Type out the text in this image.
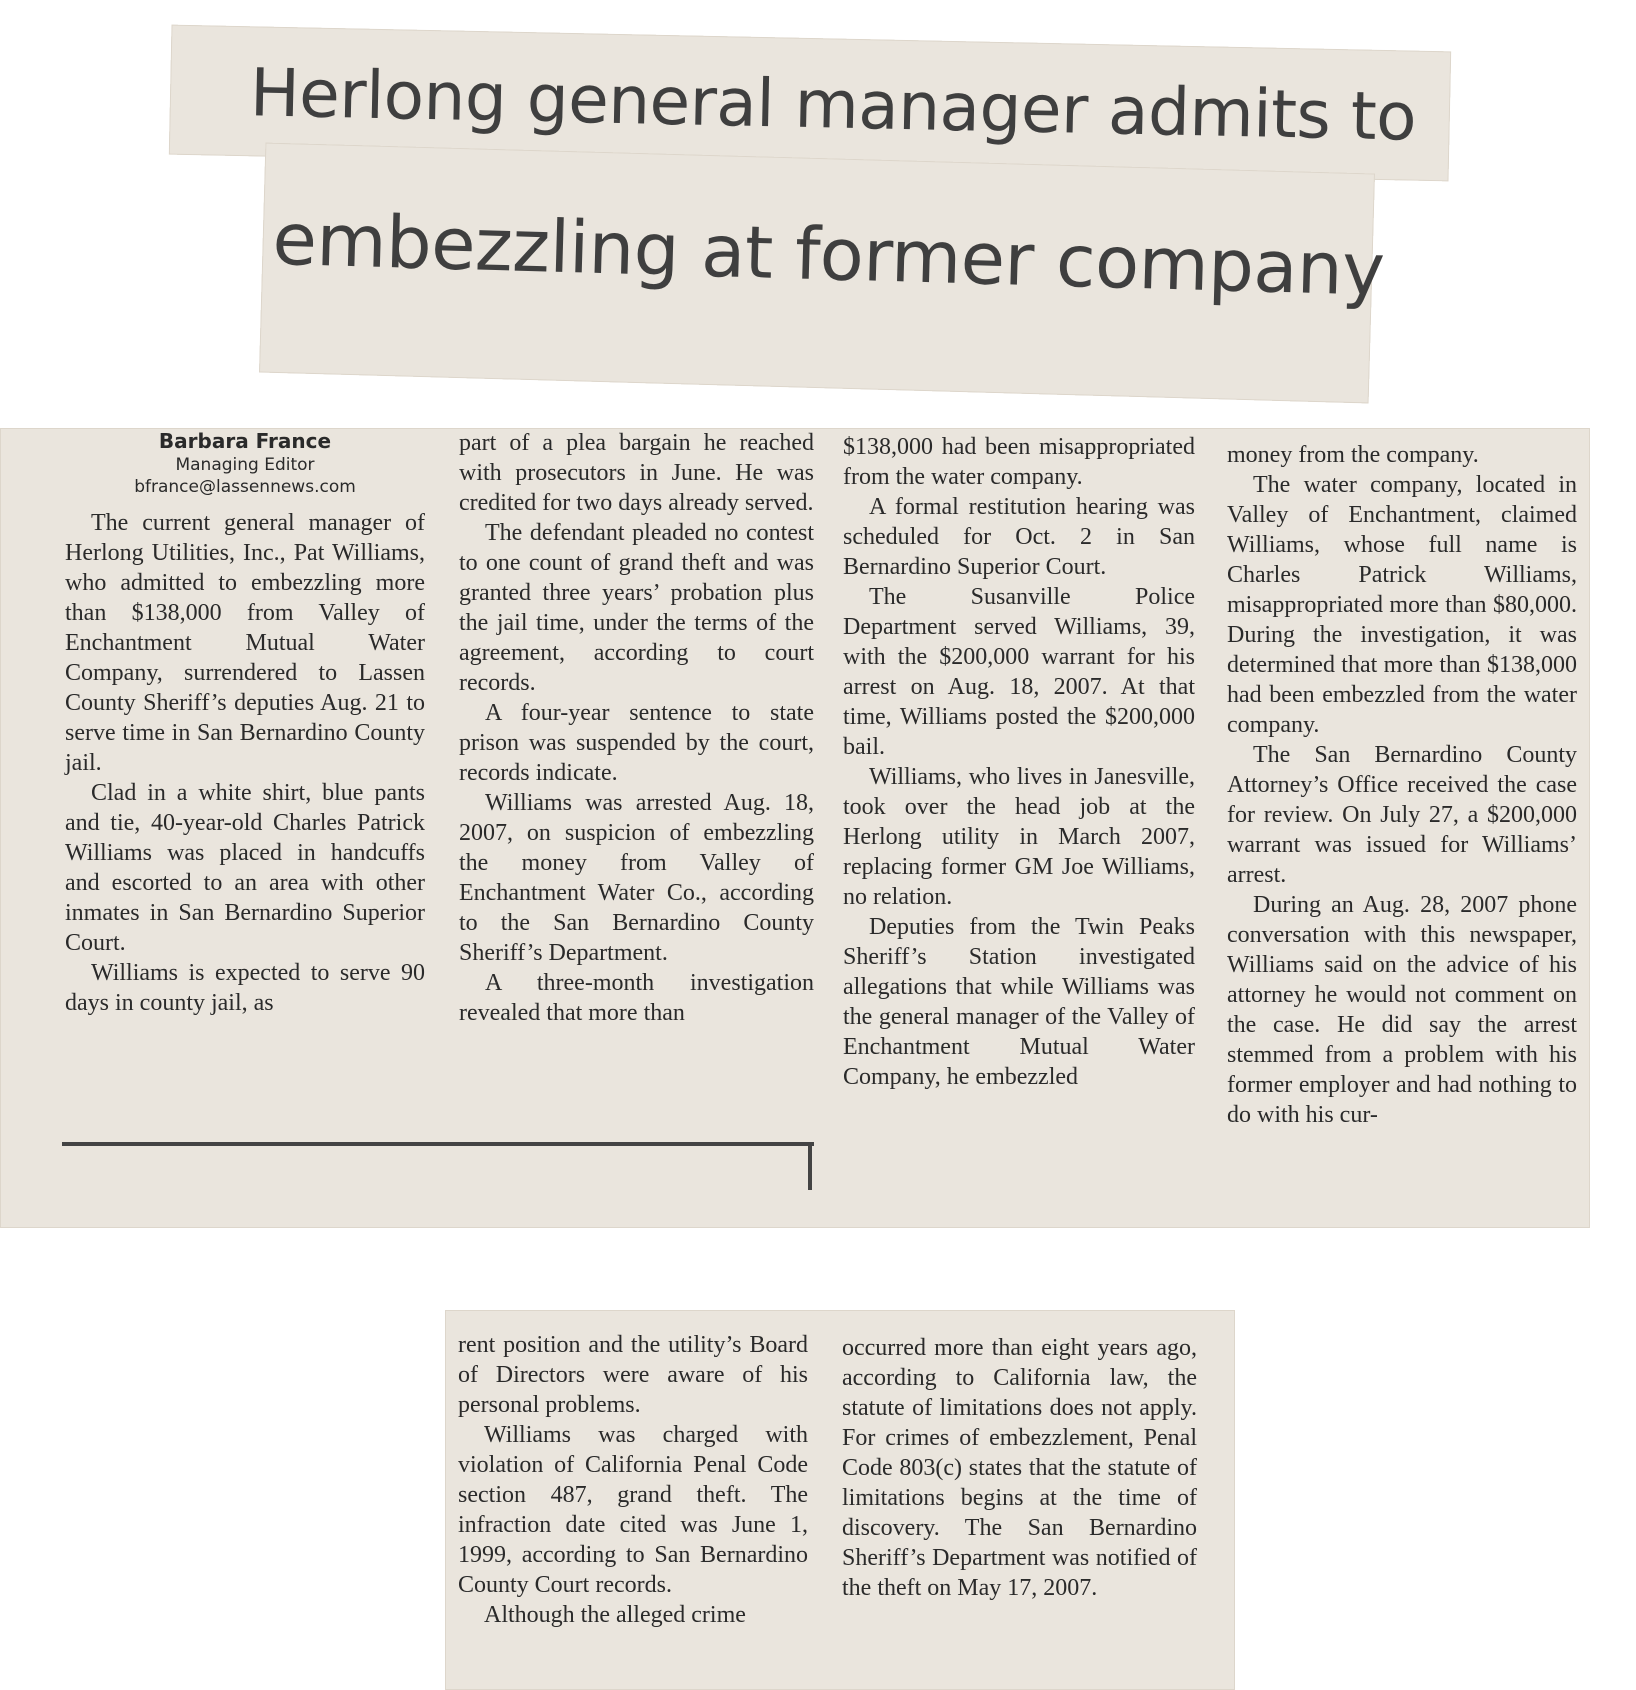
Herlong general manager admits to
embezzling at former company
Barbara France
Managing Editor
bfrance@lassennews.com

The current general manager of Herlong Utilities, Inc., Pat Williams, who admitted to embezzling more than $138,000 from Valley of Enchantment Mutual Water Company, surrendered to Lassen County Sheriff’s deputies Aug. 21 to serve time in San Bernardino County jail.

Clad in a white shirt, blue pants and tie, 40-year-old Charles Patrick Williams was placed in handcuffs and escorted to an area with other inmates in San Bernardino Superior Court.

Williams is expected to serve 90 days in county jail, as

part of a plea bargain he reached with prosecutors in June. He was credited for two days already served.

The defendant pleaded no contest to one count of grand theft and was granted three years’ probation plus the jail time, under the terms of the agreement, according to court records.

A four-year sentence to state prison was suspended by the court, records indicate.

Williams was arrested Aug. 18, 2007, on suspicion of embezzling the money from Valley of Enchantment Water Co., according to the San Bernardino County Sheriff’s Department.

A three-month investigation revealed that more than

$138,000 had been misappropriated from the water company.

A formal restitution hearing was scheduled for Oct. 2 in San Bernardino Superior Court.

The Susanville Police Department served Williams, 39, with the $200,000 warrant for his arrest on Aug. 18, 2007. At that time, Williams posted the $200,000 bail.

Williams, who lives in Janesville, took over the head job at the Herlong utility in March 2007, replacing former GM Joe Williams, no relation.

Deputies from the Twin Peaks Sheriff’s Station investigated allegations that while Williams was the general manager of the Valley of Enchantment Mutual Water Company, he embezzled

money from the company.

The water company, located in Valley of Enchantment, claimed Williams, whose full name is Charles Patrick Williams, misappropriated more than $80,000. During the investigation, it was determined that more than $138,000 had been embezzled from the water company.

The San Bernardino County Attorney’s Office received the case for review. On July 27, a $200,000 warrant was issued for Williams’ arrest.

During an Aug. 28, 2007 phone conversation with this newspaper, Williams said on the advice of his attorney he would not comment on the case. He did say the arrest stemmed from a problem with his former employer and had nothing to do with his cur-

rent position and the utility’s Board of Directors were aware of his personal problems.

Williams was charged with violation of California Penal Code section 487, grand theft. The infraction date cited was June 1, 1999, according to San Bernardino County Court records.

Although the alleged crime

occurred more than eight years ago, according to California law, the statute of limitations does not apply. For crimes of embezzlement, Penal Code 803(c) states that the statute of limitations begins at the time of discovery. The San Bernardino Sheriff’s Department was notified of the theft on May 17, 2007.
